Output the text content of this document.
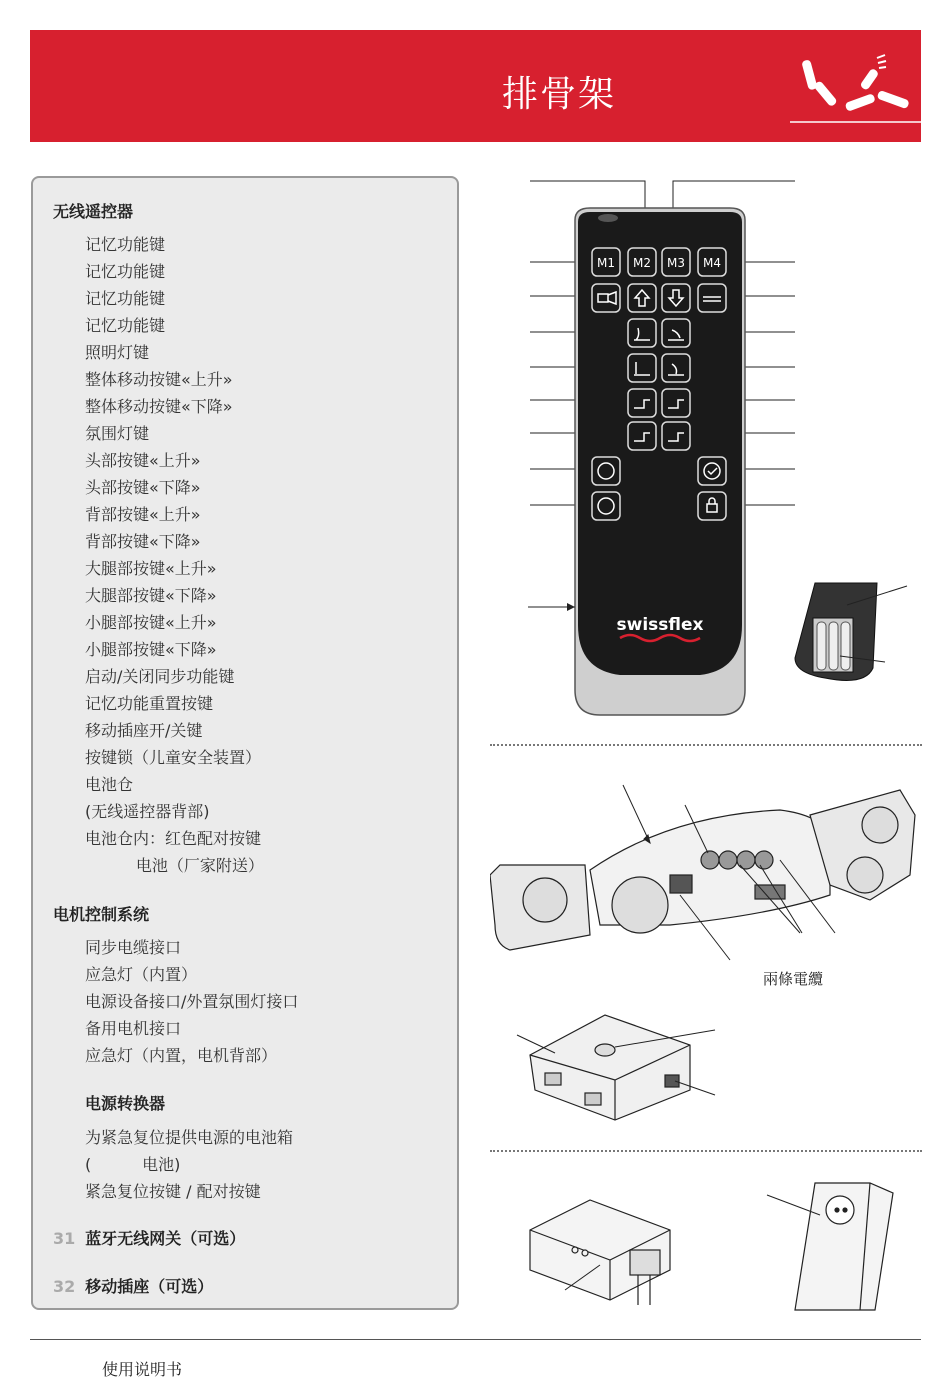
排骨架
无线遥控器
记忆功能键
记忆功能键
记忆功能键
记忆功能键
照明灯键
整体移动按键«上升»
整体移动按键«下降»
氛围灯键
头部按键«上升»
头部按键«下降»
背部按键«上升»
背部按键«下降»
大腿部按键«上升»
大腿部按键«下降»
小腿部按键«上升»
小腿部按键«下降»
启动/关闭同步功能键
记忆功能重置按键
移动插座开/关键
按键锁（儿童安全装置）
电池仓
(无线遥控器背部)
电池仓内：红色配对按键
电池（厂家附送）
电机控制系统
同步电缆接口
应急灯（内置）
电源设备接口/外置氛围灯接口
备用电机接口
应急灯（内置，电机背部）
电源转换器
为紧急复位提供电源的电池箱
(          电池)
紧急复位按键 / 配对按键
31 蓝牙无线网关（可选）
32 移动插座（可选）
M1 M2 M3 M4
swissflex
兩條電纜
使用说明书
